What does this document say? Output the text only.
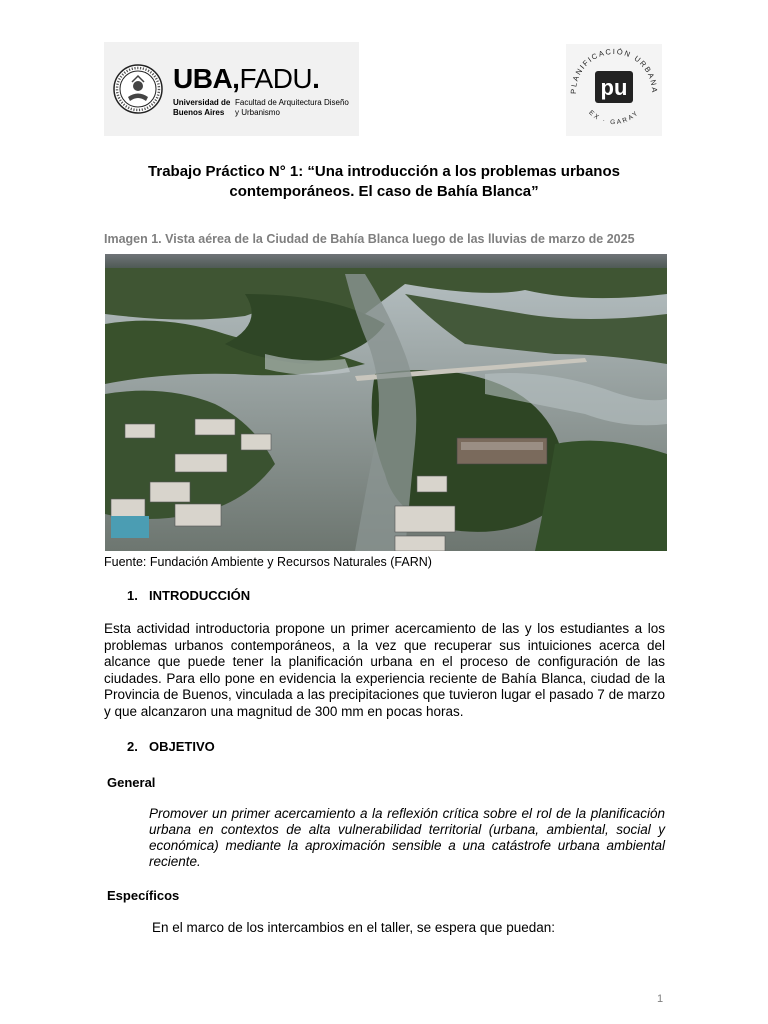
UBA,FADU.
Universidad de Buenos Aires
Facultad de Arquitectura Diseño y Urbanismo
PLANIFICACIÓN URBANA
EX · GARAY
pu
Trabajo Práctico N° 1: “Una introducción a los problemas urbanos contemporáneos. El caso de Bahía Blanca”
Imagen 1. Vista aérea de la Ciudad de Bahía Blanca luego de las lluvias de marzo de 2025
Fuente: Fundación Ambiente y Recursos Naturales (FARN)
1. INTRODUCCIÓN
Esta actividad introductoria propone un primer acercamiento de las y los estudiantes a los problemas urbanos contemporáneos, a la vez que recuperar sus intuiciones acerca del alcance que puede tener la planificación urbana en el proceso de configuración de las ciudades. Para ello pone en evidencia la experiencia reciente de Bahía Blanca, ciudad de la Provincia de Buenos, vinculada a las precipitaciones que tuvieron lugar el pasado 7 de marzo y que alcanzaron una magnitud de 300 mm en pocas horas.
2. OBJETIVO
General
Promover un primer acercamiento a la reflexión crítica sobre el rol de la planificación urbana en contextos de alta vulnerabilidad territorial (urbana, ambiental, social y económica) mediante la aproximación sensible a una catástrofe urbana ambiental reciente.
Específicos
En el marco de los intercambios en el taller, se espera que puedan:
1
